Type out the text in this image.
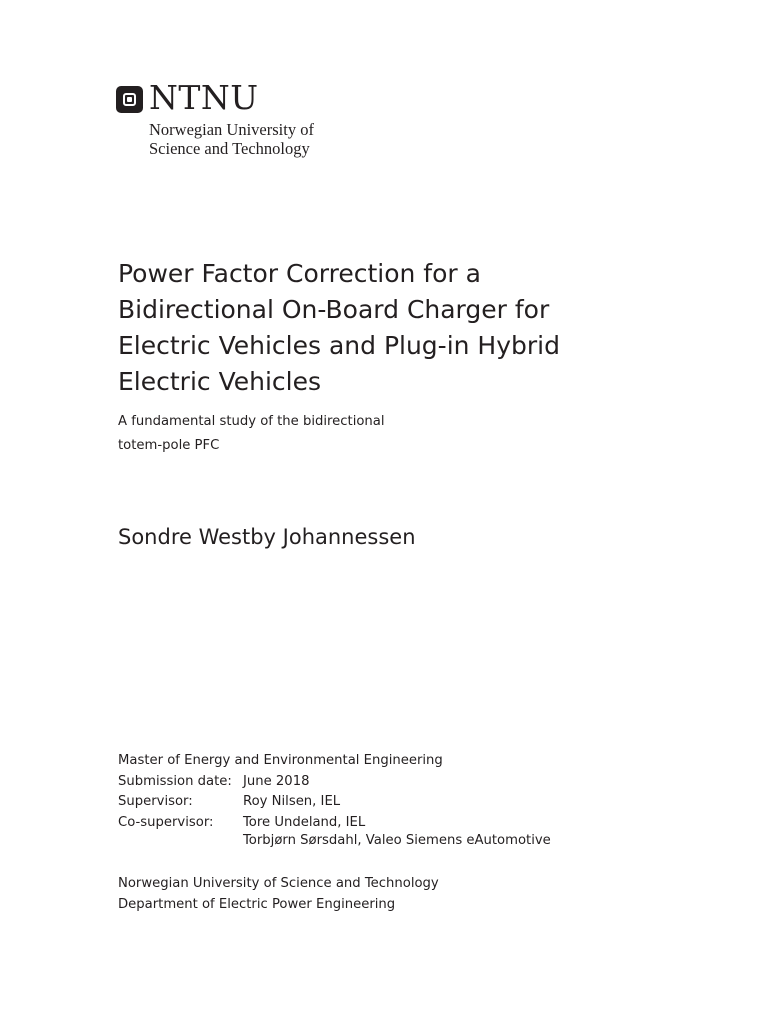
NTNU
Norwegian University of
Science and Technology
Power Factor Correction for a
Bidirectional On-Board Charger for
Electric Vehicles and Plug-in Hybrid
Electric Vehicles
A fundamental study of the bidirectional
totem-pole PFC
Sondre Westby Johannessen
Master of Energy and Environmental Engineering
Submission date: June 2018
Supervisor:	Roy Nilsen, IEL
Co-supervisor:	Tore Undeland, IEL
Torbjørn Sørsdahl, Valeo Siemens eAutomotive
Norwegian University of Science and Technology
Department of Electric Power Engineering
